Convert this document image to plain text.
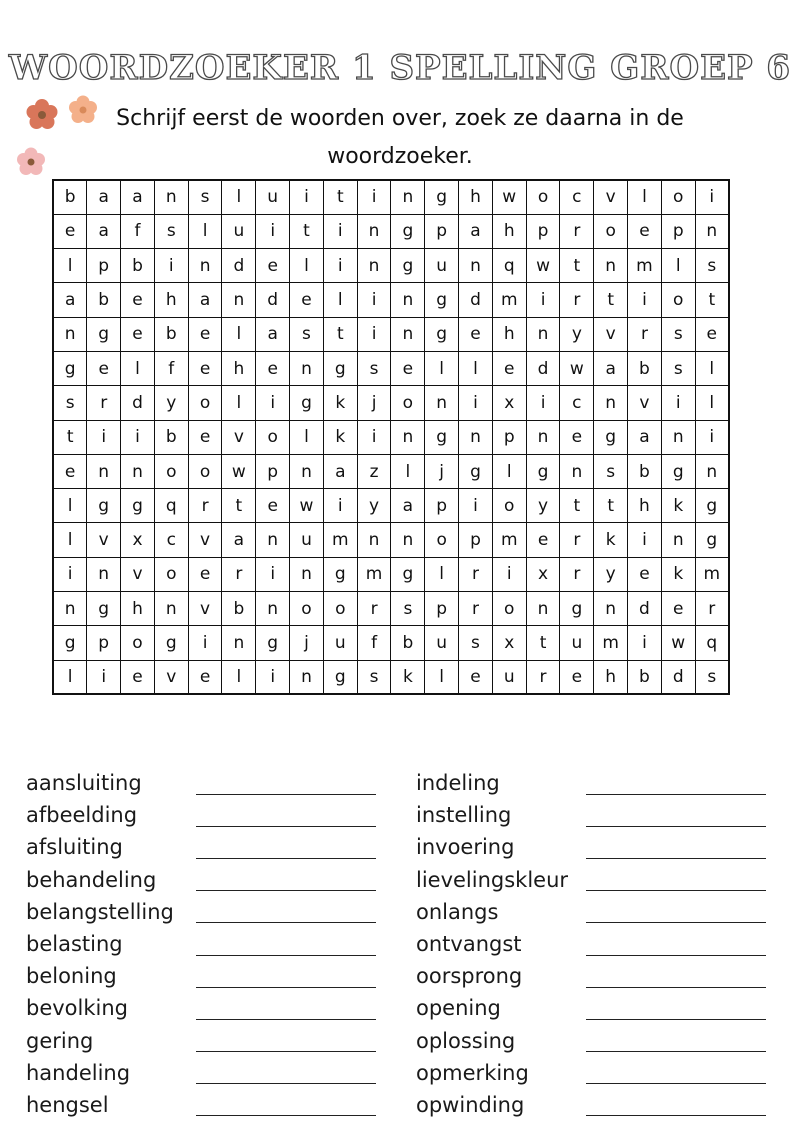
WOORDZOEKER 1 SPELLING GROEP 6
Schrijf eerst de woorden over, zoek ze daarna in de woordzoeker.
b	a	a	n	s	l	u	i	t	i	n	g	h	w	o	c	v	l	o	i
e	a	f	s	l	u	i	t	i	n	g	p	a	h	p	r	o	e	p	n
l	p	b	i	n	d	e	l	i	n	g	u	n	q	w	t	n	m	l	s
a	b	e	h	a	n	d	e	l	i	n	g	d	m	i	r	t	i	o	t
n	g	e	b	e	l	a	s	t	i	n	g	e	h	n	y	v	r	s	e
g	e	l	f	e	h	e	n	g	s	e	l	l	e	d	w	a	b	s	l
s	r	d	y	o	l	i	g	k	j	o	n	i	x	i	c	n	v	i	l
t	i	i	b	e	v	o	l	k	i	n	g	n	p	n	e	g	a	n	i
e	n	n	o	o	w	p	n	a	z	l	j	g	l	g	n	s	b	g	n
l	g	g	q	r	t	e	w	i	y	a	p	i	o	y	t	t	h	k	g
l	v	x	c	v	a	n	u	m	n	n	o	p	m	e	r	k	i	n	g
i	n	v	o	e	r	i	n	g	m	g	l	r	i	x	r	y	e	k	m
n	g	h	n	v	b	n	o	o	r	s	p	r	o	n	g	n	d	e	r
g	p	o	g	i	n	g	j	u	f	b	u	s	x	t	u	m	i	w	q
l	i	e	v	e	l	i	n	g	s	k	l	e	u	r	e	h	b	d	s
aansluiting
afbeelding
afsluiting
behandeling
belangstelling
belasting
beloning
bevolking
gering
handeling
hengsel
indeling
instelling
invoering
lievelingskleur
onlangs
ontvangst
oorsprong
opening
oplossing
opmerking
opwinding
